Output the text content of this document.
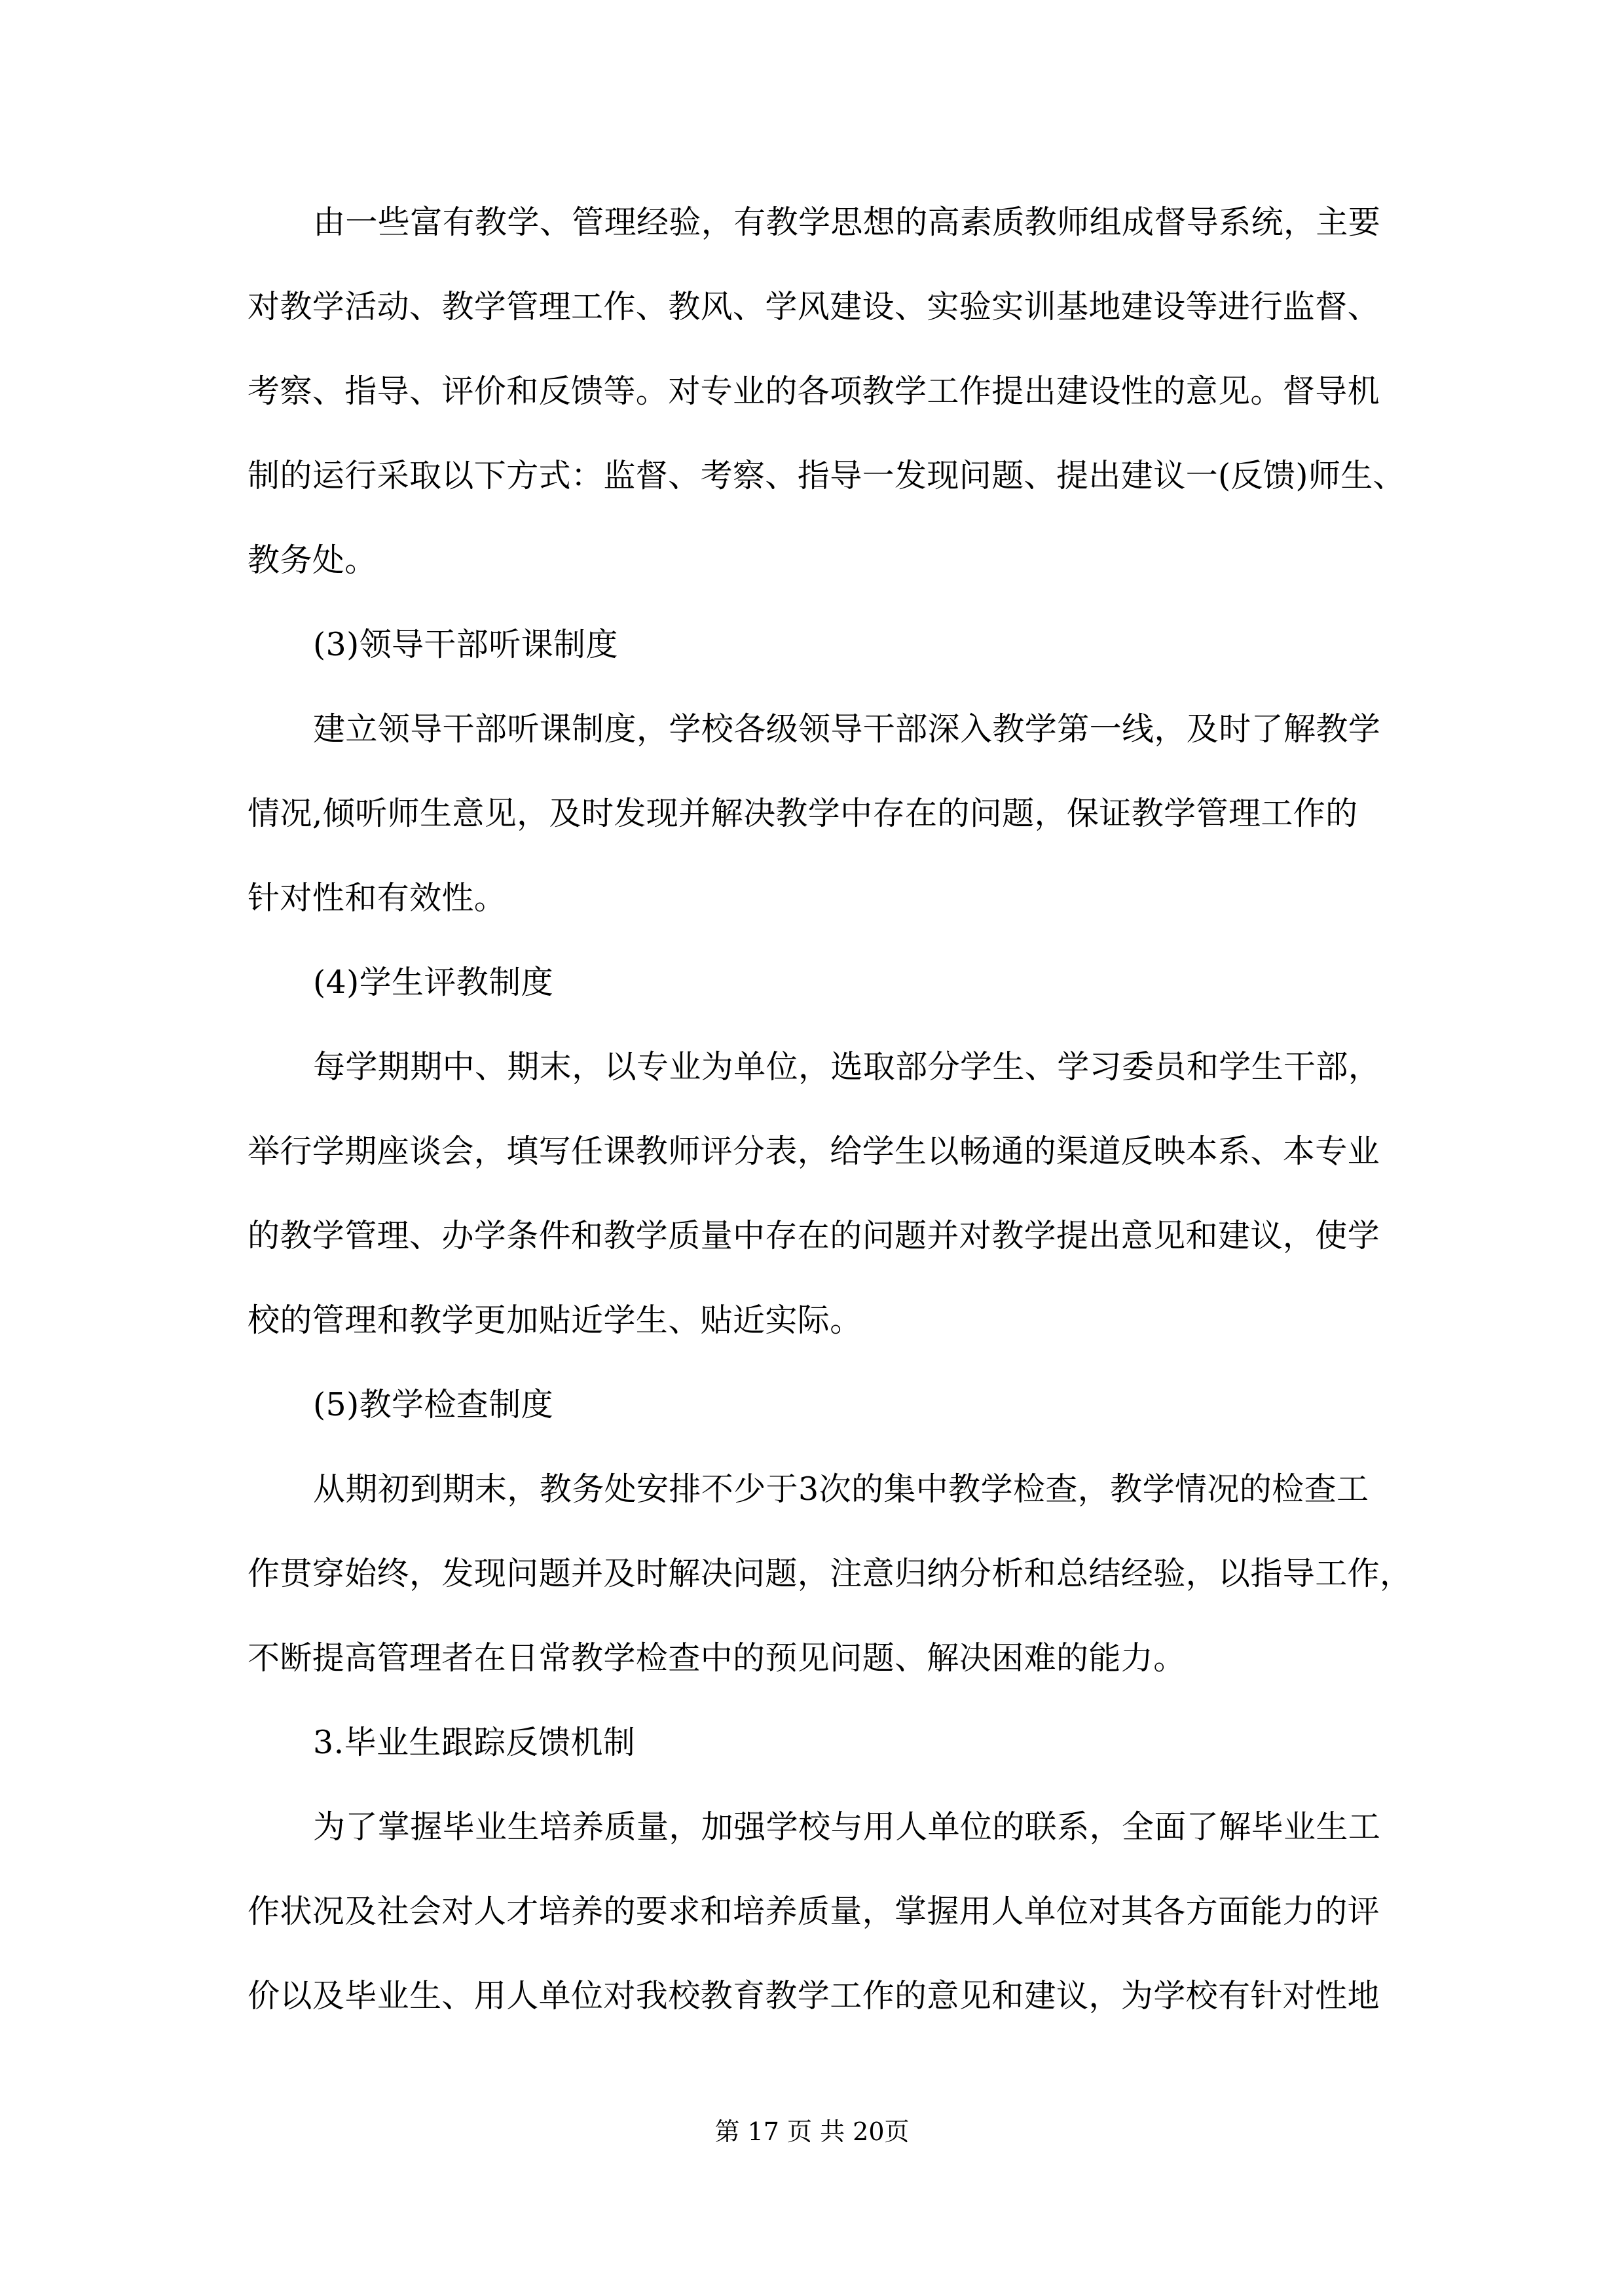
由一些富有教学、管理经验，有教学思想的高素质教师组成督导系统，主要
对教学活动、教学管理工作、教风、学风建设、实验实训基地建设等进行监督、
考察、指导、评价和反馈等。对专业的各项教学工作提出建设性的意见。督导机
制的运行采取以下方式：监督、考察、指导一发现问题、提出建议一(反馈)师生、
教务处。
(3)领导干部听课制度
建立领导干部听课制度，学校各级领导干部深入教学第一线，及时了解教学
情况,倾听师生意见，及时发现并解决教学中存在的问题，保证教学管理工作的
针对性和有效性。
(4)学生评教制度
每学期期中、期末，以专业为单位，选取部分学生、学习委员和学生干部，
举行学期座谈会，填写任课教师评分表，给学生以畅通的渠道反映本系、本专业
的教学管理、办学条件和教学质量中存在的问题并对教学提出意见和建议，使学
校的管理和教学更加贴近学生、贴近实际。
(5)教学检查制度
从期初到期末，教务处安排不少于3次的集中教学检查，教学情况的检查工
作贯穿始终，发现问题并及时解决问题，注意归纳分析和总结经验，以指导工作，
不断提高管理者在日常教学检查中的预见问题、解决困难的能力。
3.毕业生跟踪反馈机制
为了掌握毕业生培养质量，加强学校与用人单位的联系，全面了解毕业生工
作状况及社会对人才培养的要求和培养质量，掌握用人单位对其各方面能力的评
价以及毕业生、用人单位对我校教育教学工作的意见和建议，为学校有针对性地
第 17 页 共 20页
